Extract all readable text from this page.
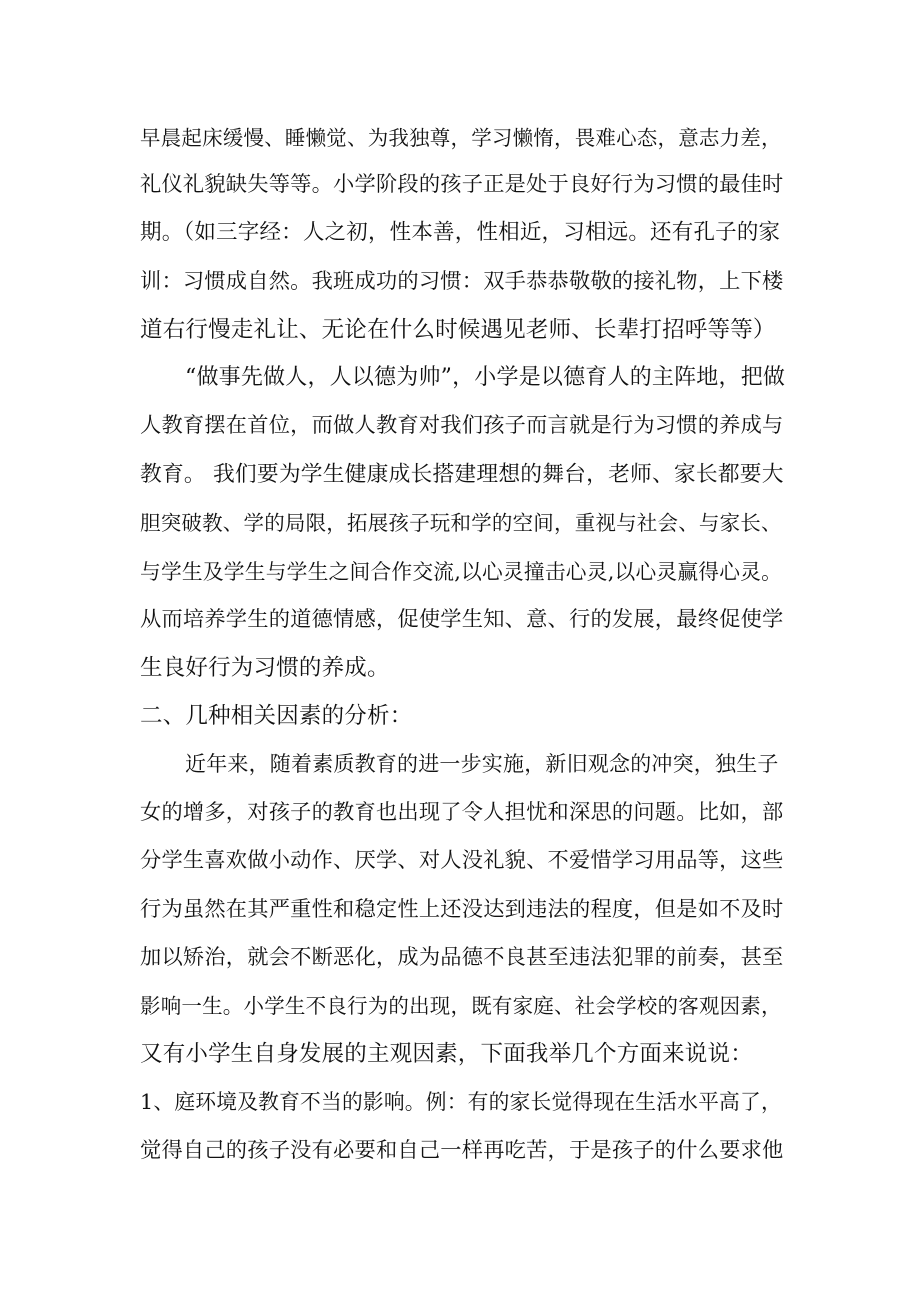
早晨起床缓慢、睡懒觉、为我独尊，学习懒惰，畏难心态，意志力差，
礼仪礼貌缺失等等。小学阶段的孩子正是处于良好行为习惯的最佳时
期。（如三字经：人之初，性本善，性相近，习相远。还有孔子的家
训：习惯成自然。我班成功的习惯：双手恭恭敬敬的接礼物，上下楼
道右行慢走礼让、无论在什么时候遇见老师、长辈打招呼等等）
“做事先做人，人以德为帅”，小学是以德育人的主阵地，把做
人教育摆在首位，而做人教育对我们孩子而言就是行为习惯的养成与
教育。 我们要为学生健康成长搭建理想的舞台，老师、家长都要大
胆突破教、学的局限，拓展孩子玩和学的空间，重视与社会、与家长、
与学生及学生与学生之间合作交流,以心灵撞击心灵,以心灵赢得心灵。
从而培养学生的道德情感，促使学生知、意、行的发展，最终促使学
生良好行为习惯的养成。
二、几种相关因素的分析：
近年来，随着素质教育的进一步实施，新旧观念的冲突，独生子
女的增多，对孩子的教育也出现了令人担忧和深思的问题。比如，部
分学生喜欢做小动作、厌学、对人没礼貌、不爱惜学习用品等，这些
行为虽然在其严重性和稳定性上还没达到违法的程度，但是如不及时
加以矫治，就会不断恶化，成为品德不良甚至违法犯罪的前奏，甚至
影响一生。小学生不良行为的出现，既有家庭、社会学校的客观因素，
又有小学生自身发展的主观因素，下面我举几个方面来说说：
1、庭环境及教育不当的影响。例：有的家长觉得现在生活水平高了，
觉得自己的孩子没有必要和自己一样再吃苦，于是孩子的什么要求他
